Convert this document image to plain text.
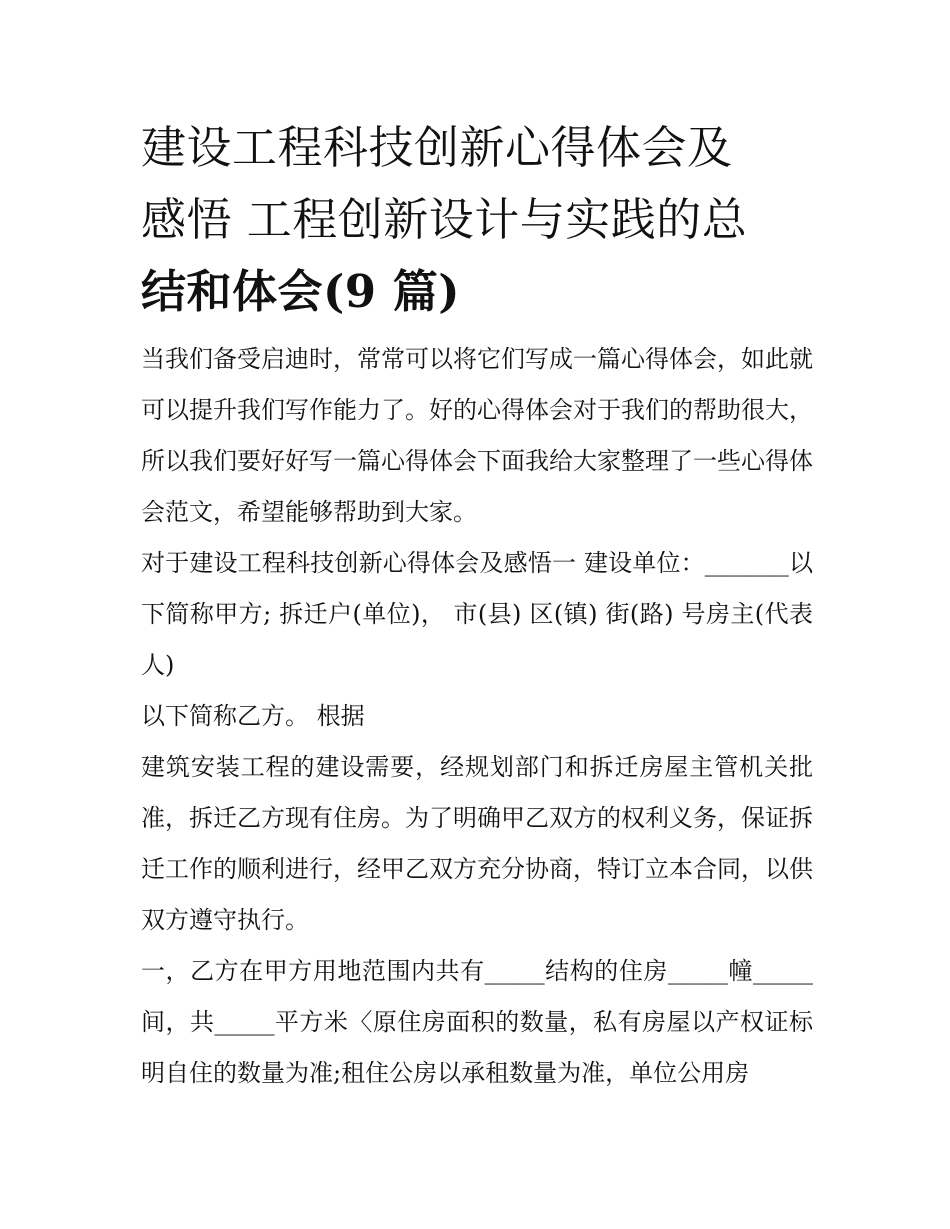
建设工程科技创新心得体会及
感悟 工程创新设计与实践的总
结和体会(9 篇)

当我们备受启迪时，常常可以将它们写成一篇心得体会，如此就可以提升我们写作能力了。好的心得体会对于我们的帮助很大，所以我们要好好写一篇心得体会下面我给大家整理了一些心得体会范文，希望能够帮助到大家。

对于建设工程科技创新心得体会及感悟一 建设单位：_______以下简称甲方; 拆迁户(单位)， 市(县) 区(镇) 街(路) 号房主(代表人)

以下简称乙方。 根据

建筑安装工程的建设需要，经规划部门和拆迁房屋主管机关批准，拆迁乙方现有住房。为了明确甲乙双方的权利义务，保证拆迁工作的顺利进行，经甲乙双方充分协商，特订立本合同，以供双方遵守执行。

一，乙方在甲方用地范围内共有_____结构的住房_____幢_____间，共_____平方米〈原住房面积的数量，私有房屋以产权证标明自住的数量为准;租住公房以承租数量为准，单位公用房
